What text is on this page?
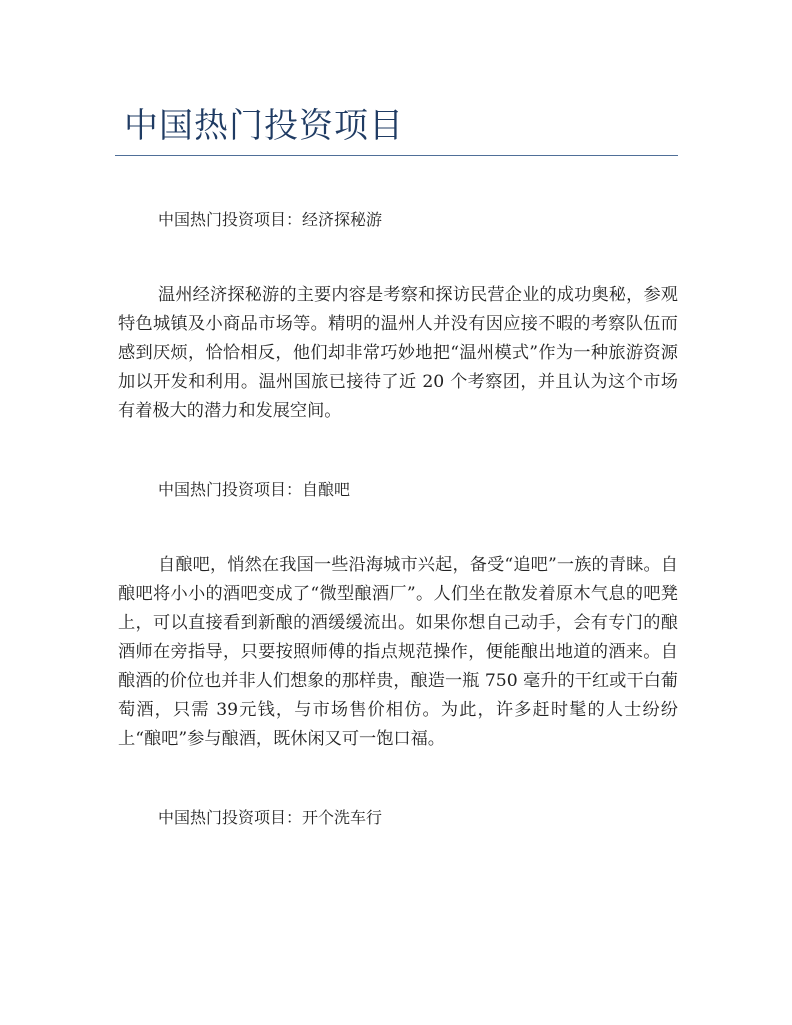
中国热门投资项目
中国热门投资项目：经济探秘游

温州经济探秘游的主要内容是考察和探访民营企业的成功奥秘，参观特色城镇及小商品市场等。精明的温州人并没有因应接不暇的考察队伍而感到厌烦，恰恰相反，他们却非常巧妙地把“温州模式”作为一种旅游资源加以开发和利用。温州国旅已接待了近 20 个考察团，并且认为这个市场有着极大的潜力和发展空间。

中国热门投资项目：自酿吧

自酿吧，悄然在我国一些沿海城市兴起，备受“追吧”一族的青睐。自酿吧将小小的酒吧变成了“微型酿酒厂”。人们坐在散发着原木气息的吧凳上，可以直接看到新酿的酒缓缓流出。如果你想自己动手，会有专门的酿酒师在旁指导，只要按照师傅的指点规范操作，便能酿出地道的酒来。自酿酒的价位也并非人们想象的那样贵，酿造一瓶 750 毫升的干红或干白葡萄酒，只需 39元钱，与市场售价相仿。为此，许多赶时髦的人士纷纷上“酿吧”参与酿酒，既休闲又可一饱口福。

中国热门投资项目：开个洗车行
